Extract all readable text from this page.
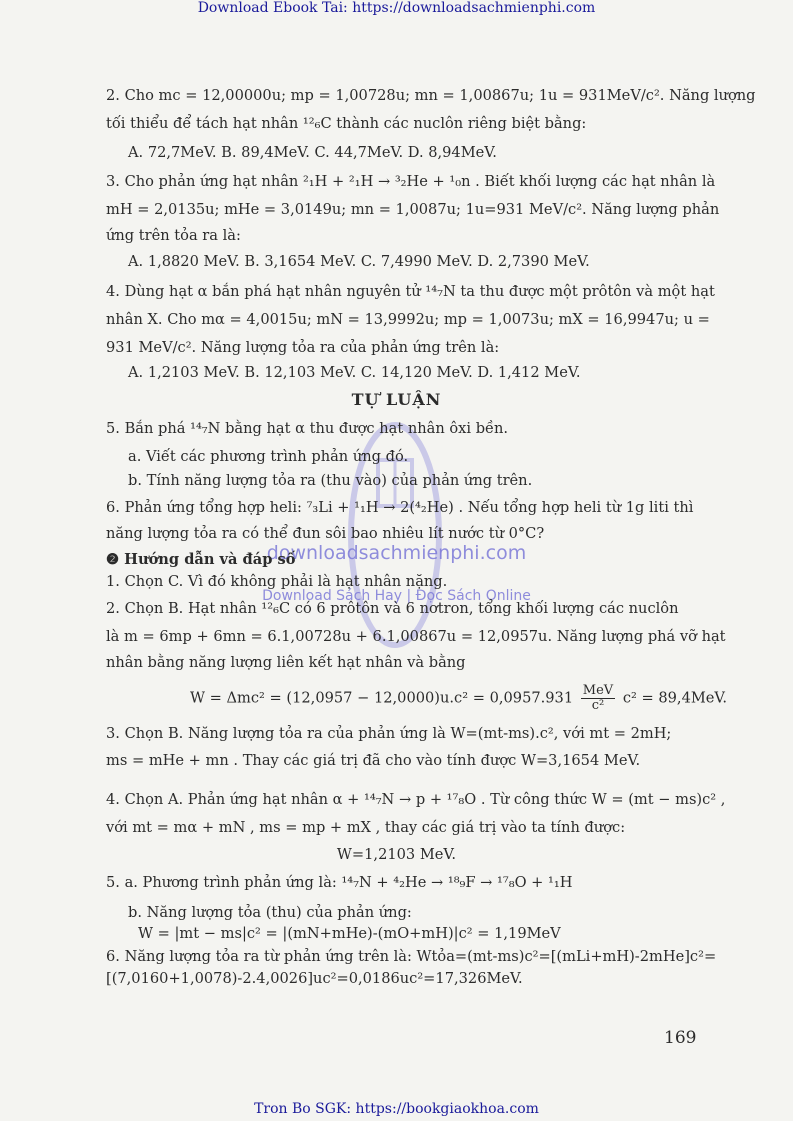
Download Ebook Tai: https://downloadsachmienphi.com
2. Cho mc = 12,00000u; mp = 1,00728u; mn = 1,00867u; 1u = 931MeV/c². Năng lượng
tối thiểu để tách hạt nhân ¹²₆C thành các nuclôn riêng biệt bằng:
A. 72,7MeV. B. 89,4MeV. C. 44,7MeV. D. 8,94MeV.
3. Cho phản ứng hạt nhân ²₁H + ²₁H → ³₂He + ¹₀n . Biết khối lượng các hạt nhân là
mH = 2,0135u; mHe = 3,0149u; mn = 1,0087u; 1u=931 MeV/c². Năng lượng phản
ứng trên tỏa ra là:
A. 1,8820 MeV. B. 3,1654 MeV. C. 7,4990 MeV. D. 2,7390 MeV.
4. Dùng hạt α bắn phá hạt nhân nguyên tử ¹⁴₇N ta thu được một prôtôn và một hạt
nhân X. Cho mα = 4,0015u; mN = 13,9992u; mp = 1,0073u; mX = 16,9947u; u =
931 MeV/c². Năng lượng tỏa ra của phản ứng trên là:
A. 1,2103 MeV. B. 12,103 MeV. C. 14,120 MeV. D. 1,412 MeV.
TỰ LUẬN
5. Bắn phá ¹⁴₇N bằng hạt α thu được hạt nhân ôxi bền.
a. Viết các phương trình phản ứng đó.
b. Tính năng lượng tỏa ra (thu vào) của phản ứng trên.
6. Phản ứng tổng hợp heli: ⁷₃Li + ¹₁H → 2(⁴₂He) . Nếu tổng hợp heli từ 1g liti thì
năng lượng tỏa ra có thể đun sôi bao nhiêu lít nước từ 0°C?
downloadsachmienphi.com
Download Sách Hay | Đọc Sách Online
❷ Hướng dẫn và đáp số
1. Chọn C. Vì đó không phải là hạt nhân nặng.
2. Chọn B. Hạt nhân ¹²₆C có 6 prôtôn và 6 nơtron, tổng khối lượng các nuclôn
là m = 6mp + 6mn = 6.1,00728u + 6.1,00867u = 12,0957u. Năng lượng phá vỡ hạt
nhân bằng năng lượng liên kết hạt nhân và bằng
$W = \Delta mc^2 = (12,0957 - 12,0000)u.c^2 = 0,0957.931 \frac{\text{MeV}}{\text{c²}} c^2 = 89,4MeV$.
3. Chọn B. Năng lượng tỏa ra của phản ứng là W=(mt-ms).c², với mt = 2mH;
ms = mHe + mn . Thay các giá trị đã cho vào tính được W=3,1654 MeV.
4. Chọn A. Phản ứng hạt nhân α + ¹⁴₇N → p + ¹⁷₈O . Từ công thức W = (mt − ms)c² ,
với mt = mα + mN , ms = mp + mX , thay các giá trị vào ta tính được:
W=1,2103 MeV.
5. a. Phương trình phản ứng là: ¹⁴₇N + ⁴₂He → ¹⁸₉F → ¹⁷₈O + ¹₁H
b. Năng lượng tỏa (thu) của phản ứng:
W = |mt − ms|c² = |(mN+mHe)-(mO+mH)|c² = 1,19MeV
6. Năng lượng tỏa ra từ phản ứng trên là: Wtỏa=(mt-ms)c²=[(mLi+mH)-2mHe]c²=
[(7,0160+1,0078)-2.4,0026]uc²=0,0186uc²=17,326MeV.
169
Tron Bo SGK: https://bookgiaokhoa.com
